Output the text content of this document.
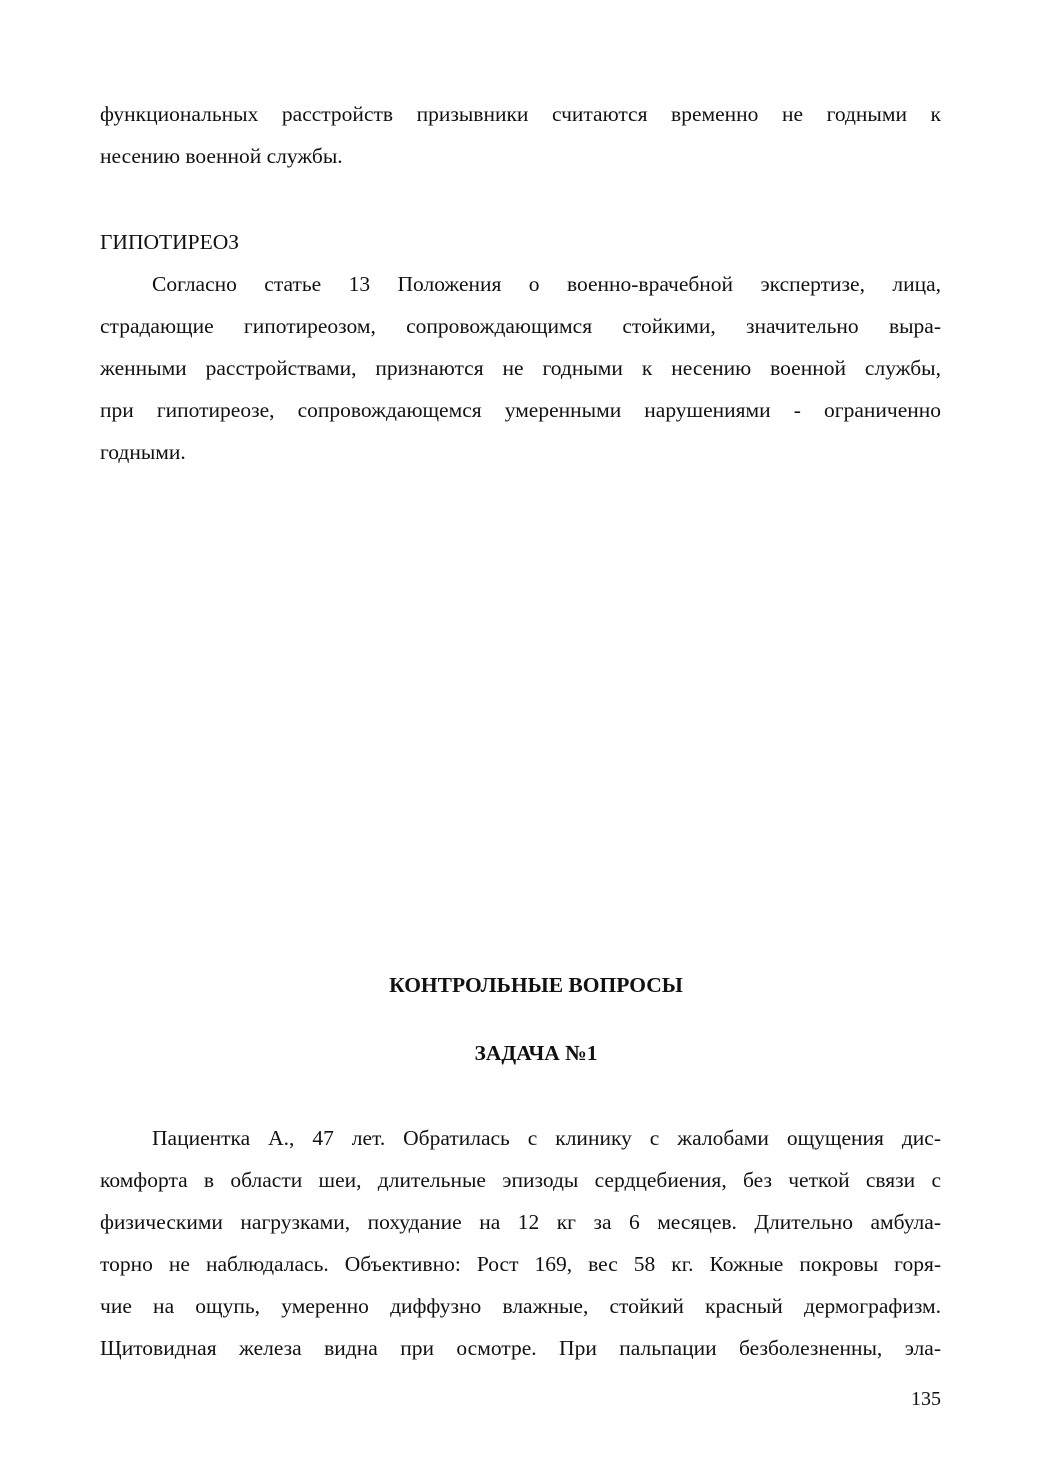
функциональных расстройств призывники считаются временно не годными к
несению военной службы.
ГИПОТИРЕОЗ
Согласно статье 13 Положения о военно-врачебной экспертизе, лица,
страдающие гипотиреозом, сопровождающимся стойкими, значительно выра-
женными расстройствами, признаются не годными к несению военной службы,
при гипотиреозе, сопровождающемся умеренными нарушениями - ограниченно
годными.
КОНТРОЛЬНЫЕ ВОПРОСЫ
ЗАДАЧА №1
Пациентка А., 47 лет. Обратилась с клинику с жалобами ощущения дис-
комфорта в области шеи, длительные эпизоды сердцебиения, без четкой связи с
физическими нагрузками, похудание на 12 кг за 6 месяцев. Длительно амбула-
торно не наблюдалась. Объективно: Рост 169, вес 58 кг. Кожные покровы горя-
чие на ощупь, умеренно диффузно влажные, стойкий красный дермографизм.
Щитовидная железа видна при осмотре. При пальпации безболезненны, эла-
135
